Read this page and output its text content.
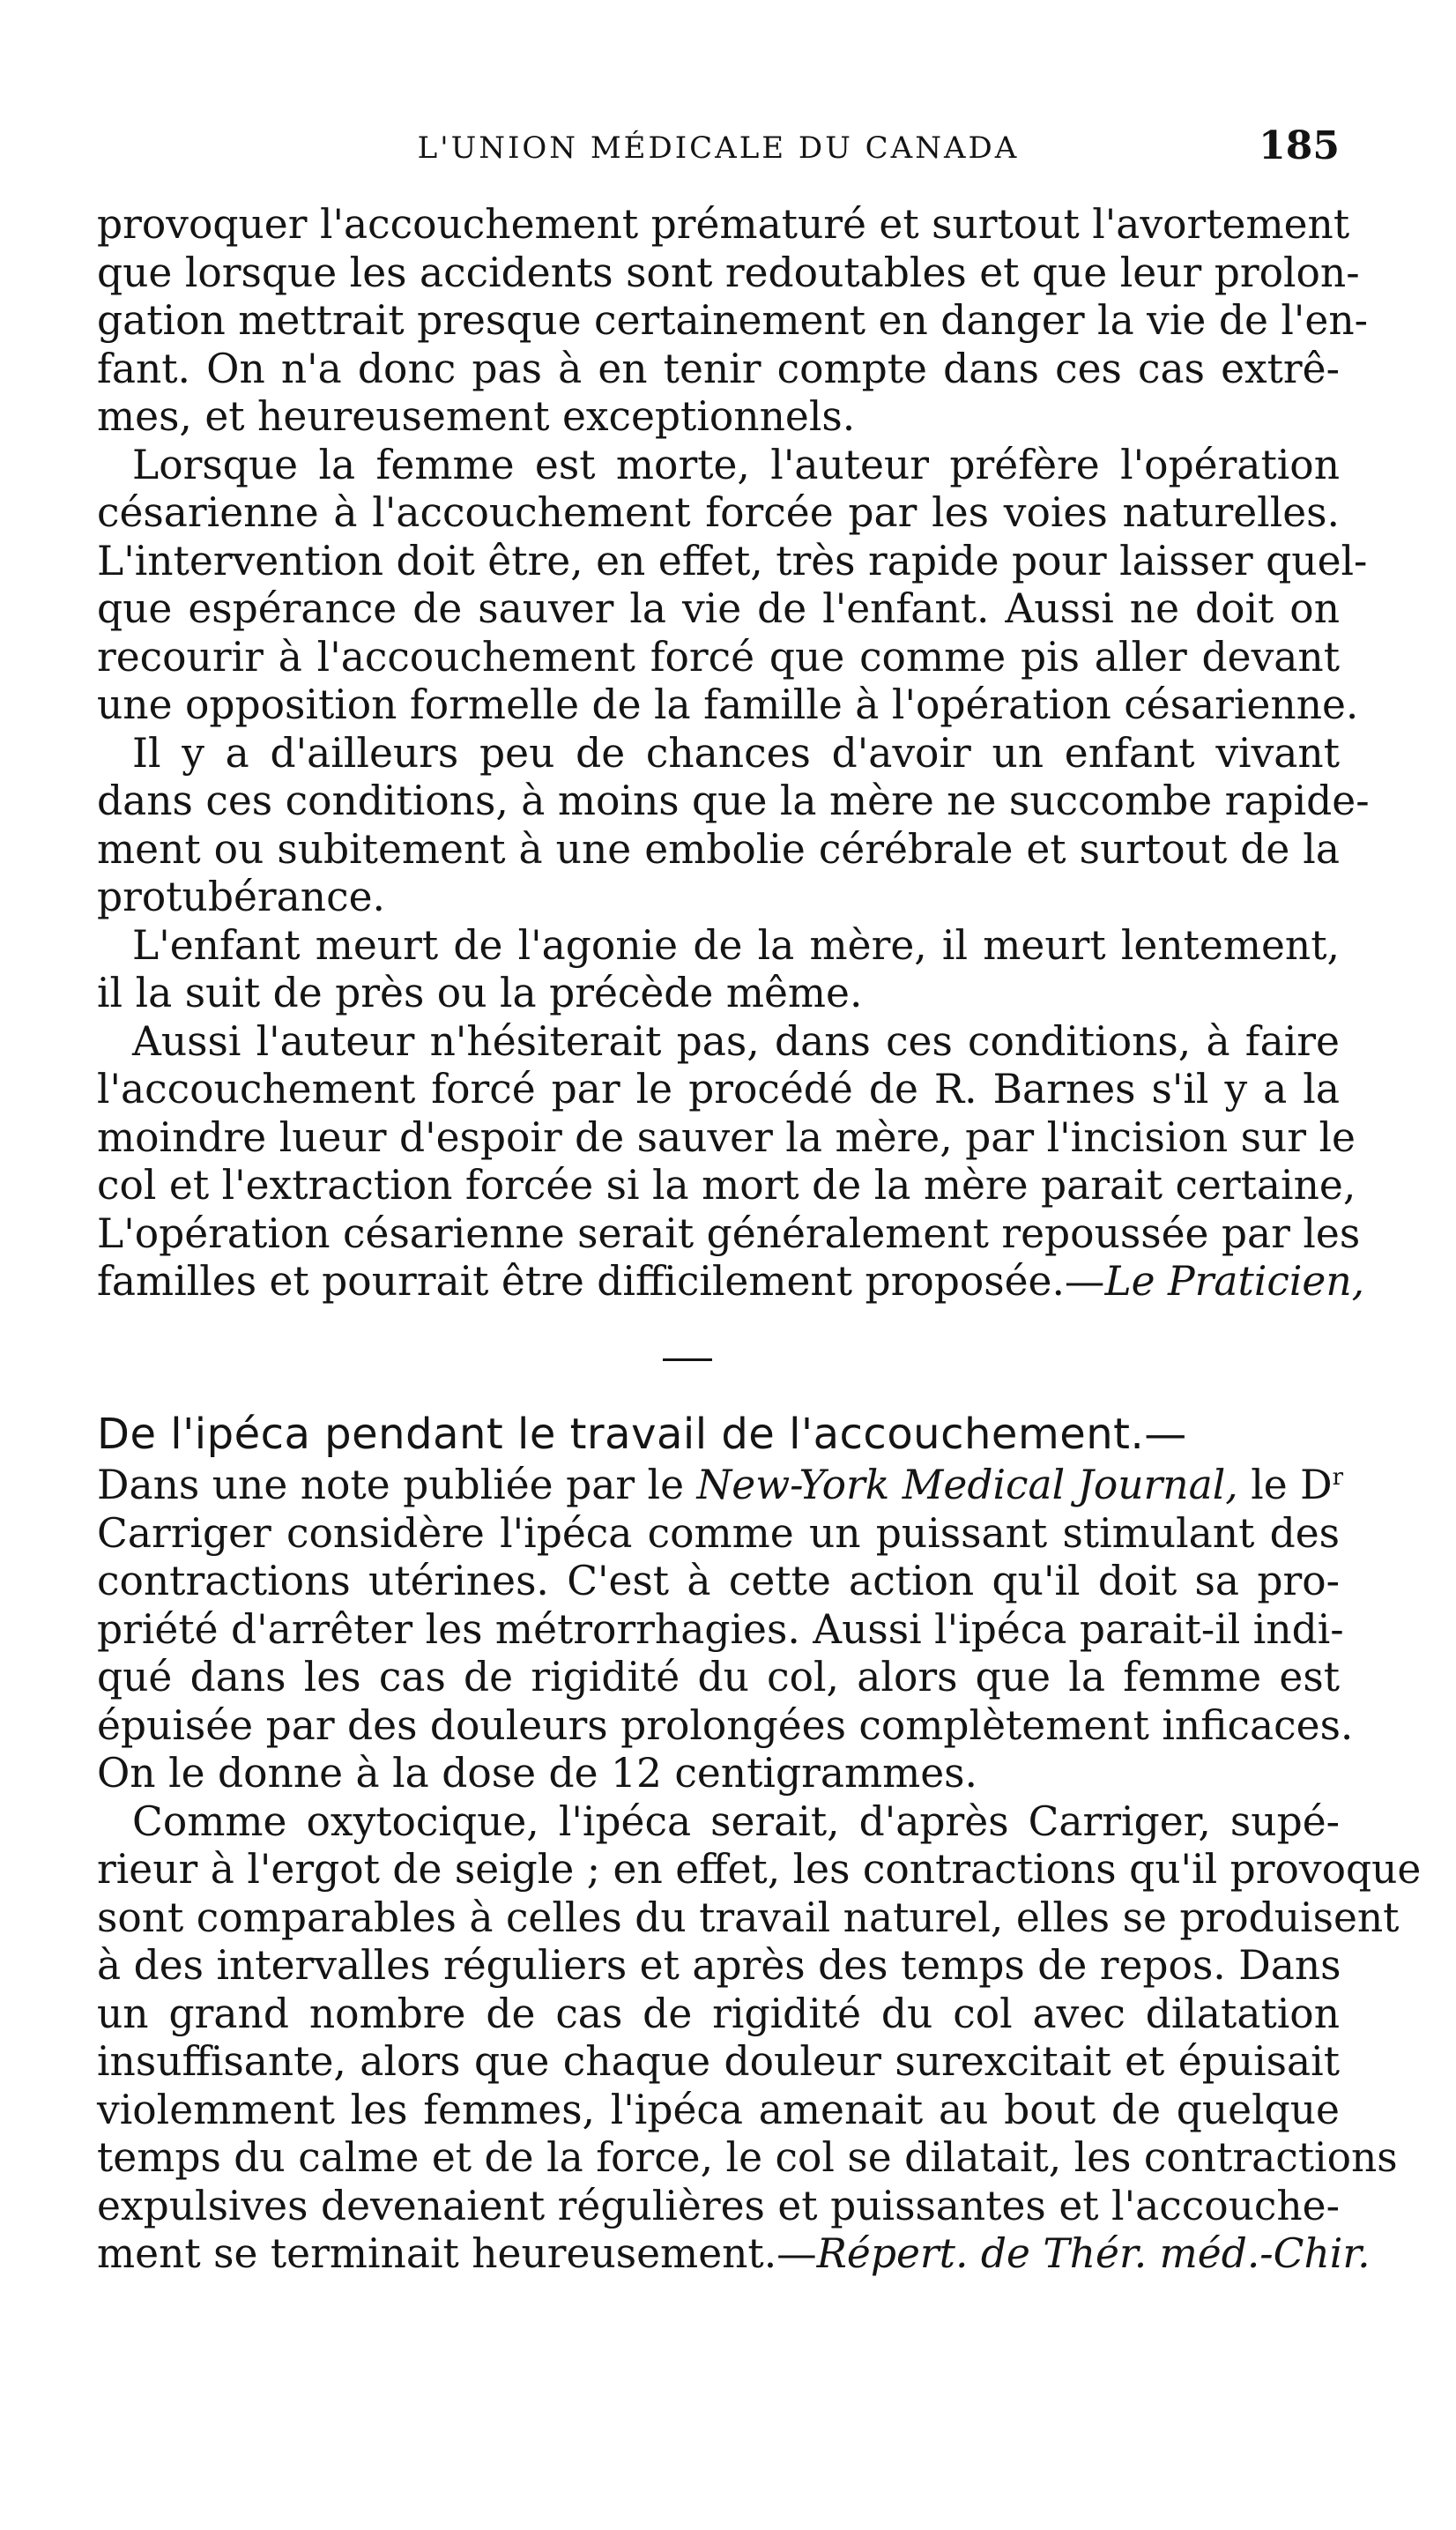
L'UNION MÉDICALE DU CANADA	185
provoquer l'accouchement prématuré et surtout l'avortement
que lorsque les accidents sont redoutables et que leur prolon-
gation mettrait presque certainement en danger la vie de l'en-
fant. On n'a donc pas à en tenir compte dans ces cas extrê-
mes, et heureusement exceptionnels.
Lorsque la femme est morte, l'auteur préfère l'opération
césarienne à l'accouchement forcée par les voies naturelles.
L'intervention doit être, en effet, très rapide pour laisser quel-
que espérance de sauver la vie de l'enfant. Aussi ne doit on
recourir à l'accouchement forcé que comme pis aller devant
une opposition formelle de la famille à l'opération césarienne.
Il y a d'ailleurs peu de chances d'avoir un enfant vivant
dans ces conditions, à moins que la mère ne succombe rapide-
ment ou subitement à une embolie cérébrale et surtout de la
protubérance.
L'enfant meurt de l'agonie de la mère, il meurt lentement,
il la suit de près ou la précède même.
Aussi l'auteur n'hésiterait pas, dans ces conditions, à faire
l'accouchement forcé par le procédé de R. Barnes s'il y a la
moindre lueur d'espoir de sauver la mère, par l'incision sur le
col et l'extraction forcée si la mort de la mère parait certaine,
L'opération césarienne serait généralement repoussée par les
familles et pourrait être difficilement proposée.—Le Praticien,
De l'ipéca pendant le travail de l'accouchement.—
Dans une note publiée par le New-York Medical Journal, le $D^r$
Carriger considère l'ipéca comme un puissant stimulant des
contractions utérines. C'est à cette action qu'il doit sa pro-
priété d'arrêter les métrorrhagies. Aussi l'ipéca parait-il indi-
qué dans les cas de rigidité du col, alors que la femme est
épuisée par des douleurs prolongées complètement inficaces.
On le donne à la dose de 12 centigrammes.
Comme oxytocique, l'ipéca serait, d'après Carriger, supé-
rieur à l'ergot de seigle ; en effet, les contractions qu'il provoque
sont comparables à celles du travail naturel, elles se produisent
à des intervalles réguliers et après des temps de repos. Dans
un grand nombre de cas de rigidité du col avec dilatation
insuffisante, alors que chaque douleur surexcitait et épuisait
violemment les femmes, l'ipéca amenait au bout de quelque
temps du calme et de la force, le col se dilatait, les contractions
expulsives devenaient régulières et puissantes et l'accouche-
ment se terminait heureusement.—Répert. de Thér. méd.-Chir.
